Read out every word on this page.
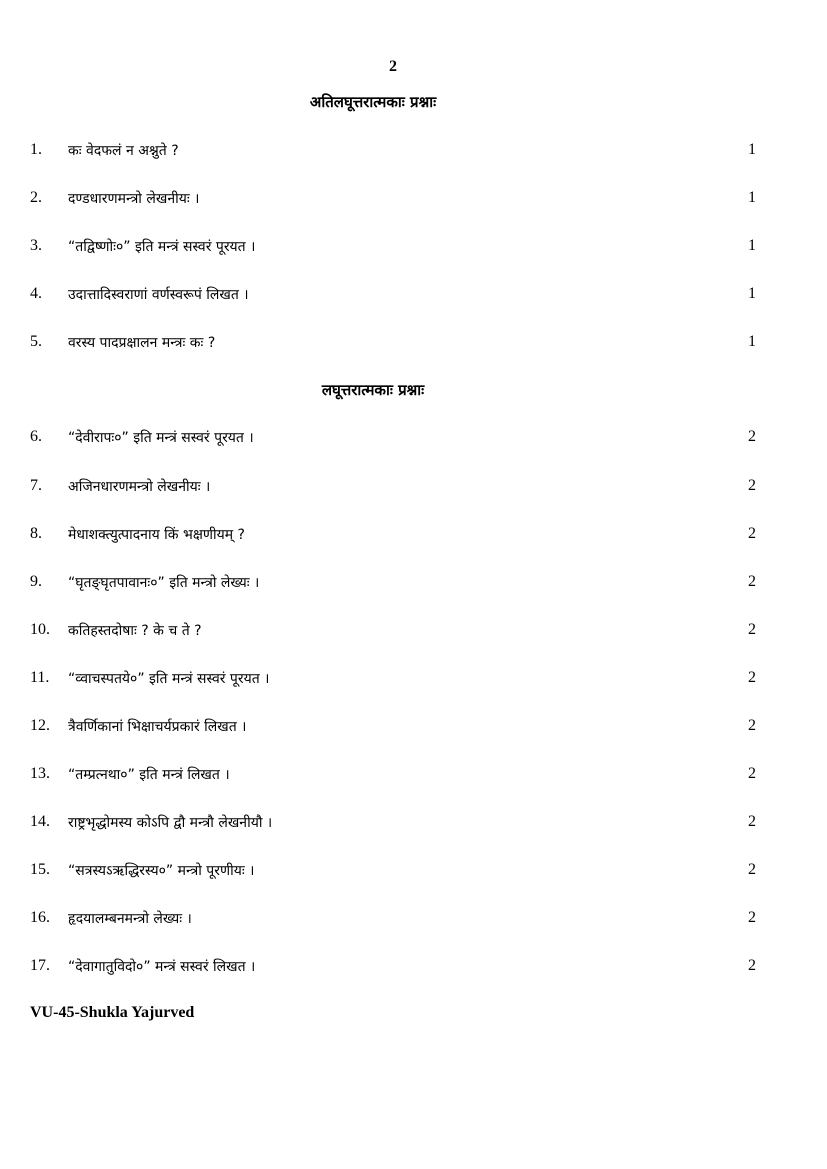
2
अतिलघूत्तरात्मकाः प्रश्नाः
1. कः वेदफलं न अश्नुते ?	1
2. दण्डधारणमन्त्रो लेखनीयः ।	1
3. “तद्विष्णोः०” इति मन्त्रं सस्वरं पूरयत ।	1
4. उदात्तादिस्वराणां वर्णस्वरूपं लिखत ।	1
5. वरस्य पादप्रक्षालन मन्त्रः कः ?	1
लघूत्तरात्मकाः प्रश्नाः
6. “देवीरापः०” इति मन्त्रं सस्वरं पूरयत ।	2
7. अजिनधारणमन्त्रो लेखनीयः ।	2
8. मेधाशक्त्युत्पादनाय किं भक्षणीयम् ?	2
9. “घृतङ्घृतपावानः०” इति मन्त्रो लेख्यः ।	2
10. कतिहस्तदोषाः ? के च ते ?	2
11. “व्वाचस्पतये०” इति मन्त्रं सस्वरं पूरयत ।	2
12. त्रैवर्णिकानां भिक्षाचर्यप्रकारं लिखत ।	2
13. “तम्प्रत्नथा०” इति मन्त्रं लिखत ।	2
14. राष्ट्रभृद्धोमस्य कोऽपि द्वौ मन्त्रौ लेखनीयौ ।	2
15. “सत्रस्यऽऋद्धिरस्य०” मन्त्रो पूरणीयः ।	2
16. हृदयालम्बनमन्त्रो लेख्यः ।	2
17. “देवागातुविदो०” मन्त्रं सस्वरं लिखत ।	2
VU-45-Shukla Yajurved
